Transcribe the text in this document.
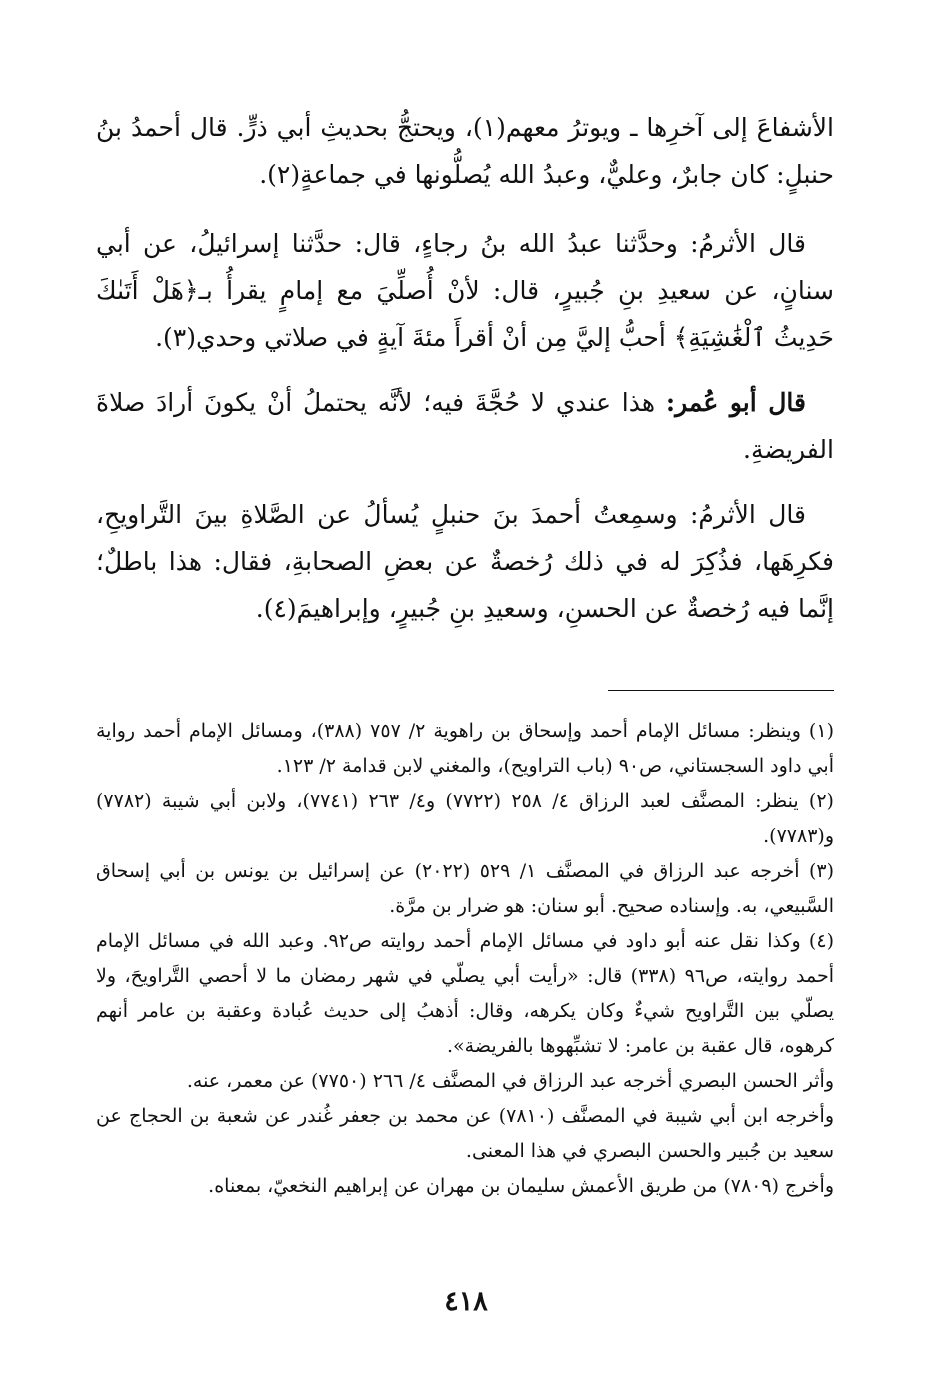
الأشفاعَ إلى آخرِها ـ ويوترُ معهم(١)، ويحتجُّ بحديثِ أبي ذرٍّ. قال أحمدُ بنُ حنبلٍ: كان جابرٌ، وعليٌّ، وعبدُ الله يُصلُّونها في جماعةٍ(٢).

قال الأثرمُ: وحدَّثنا عبدُ الله بنُ رجاءٍ، قال: حدَّثنا إسرائيلُ، عن أبي سنانٍ، عن سعيدِ بنِ جُبيرٍ، قال: لأنْ أُصلِّيَ مع إمامٍ يقرأُ بـ﴿هَلْ أَتَىٰكَ حَدِيثُ ٱلْغَٰشِيَةِ﴾ أحبُّ إليَّ مِن أنْ أقرأَ مئةَ آيةٍ في صلاتي وحدي(٣).

قال أبو عُمر: هذا عندي لا حُجَّةَ فيه؛ لأنَّه يحتملُ أنْ يكونَ أرادَ صلاةَ الفريضةِ.

قال الأثرمُ: وسمِعتُ أحمدَ بنَ حنبلٍ يُسألُ عن الصَّلاةِ بينَ التَّراويحِ، فكرِهَها، فذُكِرَ له في ذلك رُخصةٌ عن بعضِ الصحابةِ، فقال: هذا باطلٌ؛ إنَّما فيه رُخصةٌ عن الحسنِ، وسعيدِ بنِ جُبيرٍ، وإبراهيمَ(٤).

(١) وينظر: مسائل الإمام أحمد وإسحاق بن راهوية ٢/ ٧٥٧ (٣٨٨)، ومسائل الإمام أحمد رواية أبي داود السجستاني، ص٩٠ (باب التراويح)، والمغني لابن قدامة ٢/ ١٢٣.

(٢) ينظر: المصنَّف لعبد الرزاق ٤/ ٢٥٨ (٧٧٢٢) و٤/ ٢٦٣ (٧٧٤١)، ولابن أبي شيبة (٧٧٨٢) و(٧٧٨٣).

(٣) أخرجه عبد الرزاق في المصنَّف ١/ ٥٢٩ (٢٠٢٢) عن إسرائيل بن يونس بن أبي إسحاق السَّبيعي، به. وإسناده صحيح. أبو سنان: هو ضرار بن مرَّة.

(٤) وكذا نقل عنه أبو داود في مسائل الإمام أحمد روايته ص٩٢. وعبد الله في مسائل الإمام أحمد روايته، ص٩٦ (٣٣٨) قال: «رأيت أبي يصلّي في شهر رمضان ما لا أحصي التَّراويحَ، ولا يصلّي بين التَّراويح شيءٌ وكان يكرهه، وقال: أذهبُ إلى حديث عُبادة وعقبة بن عامر أنهم كرهوه، قال عقبة بن عامر: لا تشبِّهوها بالفريضة».

وأثر الحسن البصري أخرجه عبد الرزاق في المصنَّف ٤/ ٢٦٦ (٧٧٥٠) عن معمر، عنه.

وأخرجه ابن أبي شيبة في المصنَّف (٧٨١٠) عن محمد بن جعفر غُندر عن شعبة بن الحجاج عن سعيد بن جُبير والحسن البصري في هذا المعنى.

وأخرج (٧٨٠٩) من طريق الأعمش سليمان بن مهران عن إبراهيم النخعيّ، بمعناه.

٤١٨
